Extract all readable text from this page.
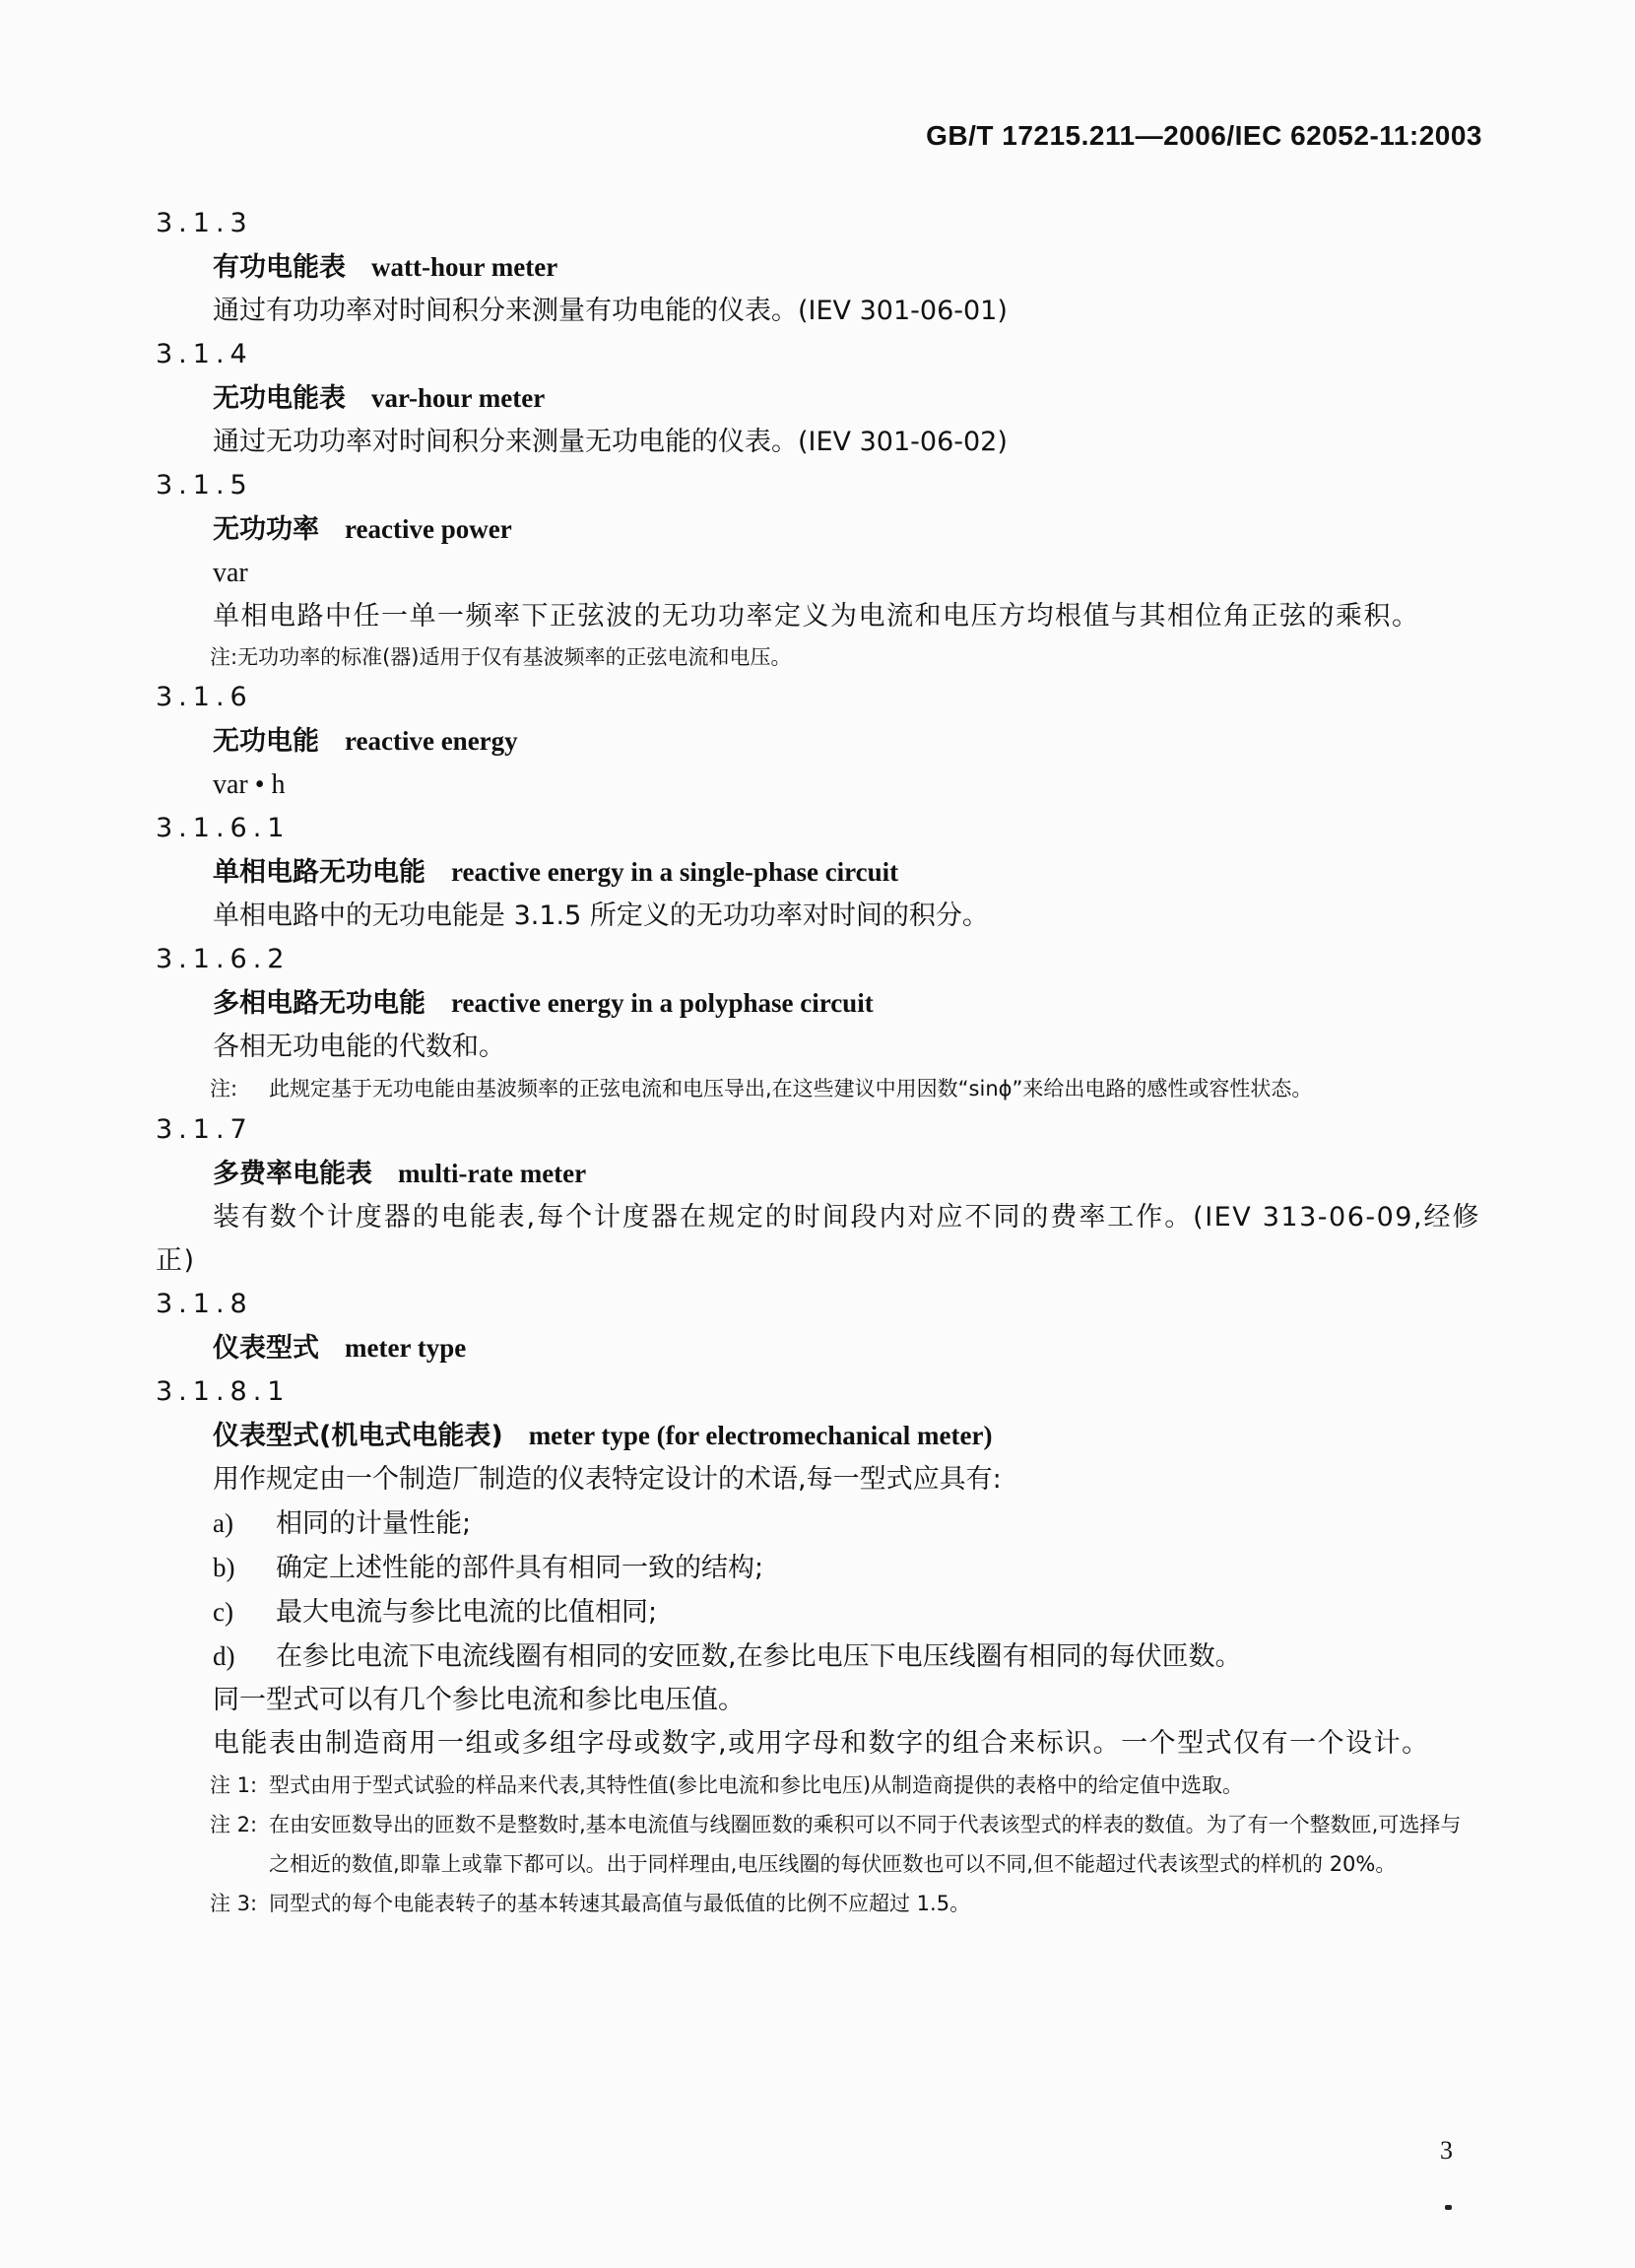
GB/T 17215.211—2006/IEC 62052-11:2003
3.1.3
有功电能表 watt-hour meter
通过有功功率对时间积分来测量有功电能的仪表。(IEV 301-06-01)
3.1.4
无功电能表 var-hour meter
通过无功功率对时间积分来测量无功电能的仪表。(IEV 301-06-02)
3.1.5
无功功率 reactive power
var
单相电路中任一单一频率下正弦波的无功功率定义为电流和电压方均根值与其相位角正弦的乘积。
注:无功功率的标准(器)适用于仅有基波频率的正弦电流和电压。
3.1.6
无功电能 reactive energy
var • h
3.1.6.1
单相电路无功电能 reactive energy in a single-phase circuit
单相电路中的无功电能是 3.1.5 所定义的无功功率对时间的积分。
3.1.6.2
多相电路无功电能 reactive energy in a polyphase circuit
各相无功电能的代数和。
注: 此规定基于无功电能由基波频率的正弦电流和电压导出,在这些建议中用因数“sinϕ”来给出电路的感性或容性状态。
3.1.7
多费率电能表 multi-rate meter
装有数个计度器的电能表,每个计度器在规定的时间段内对应不同的费率工作。(IEV 313-06-09,经修正)
3.1.8
仪表型式 meter type
3.1.8.1
仪表型式(机电式电能表) meter type (for electromechanical meter)
用作规定由一个制造厂制造的仪表特定设计的术语,每一型式应具有:
a) 相同的计量性能;
b) 确定上述性能的部件具有相同一致的结构;
c) 最大电流与参比电流的比值相同;
d) 在参比电流下电流线圈有相同的安匝数,在参比电压下电压线圈有相同的每伏匝数。
同一型式可以有几个参比电流和参比电压值。
电能表由制造商用一组或多组字母或数字,或用字母和数字的组合来标识。一个型式仅有一个设计。
注 1: 型式由用于型式试验的样品来代表,其特性值(参比电流和参比电压)从制造商提供的表格中的给定值中选取。
注 2: 在由安匝数导出的匝数不是整数时,基本电流值与线圈匝数的乘积可以不同于代表该型式的样表的数值。为了有一个整数匝,可选择与之相近的数值,即靠上或靠下都可以。出于同样理由,电压线圈的每伏匝数也可以不同,但不能超过代表该型式的样机的 20%。
注 3: 同型式的每个电能表转子的基本转速其最高值与最低值的比例不应超过 1.5。
3
